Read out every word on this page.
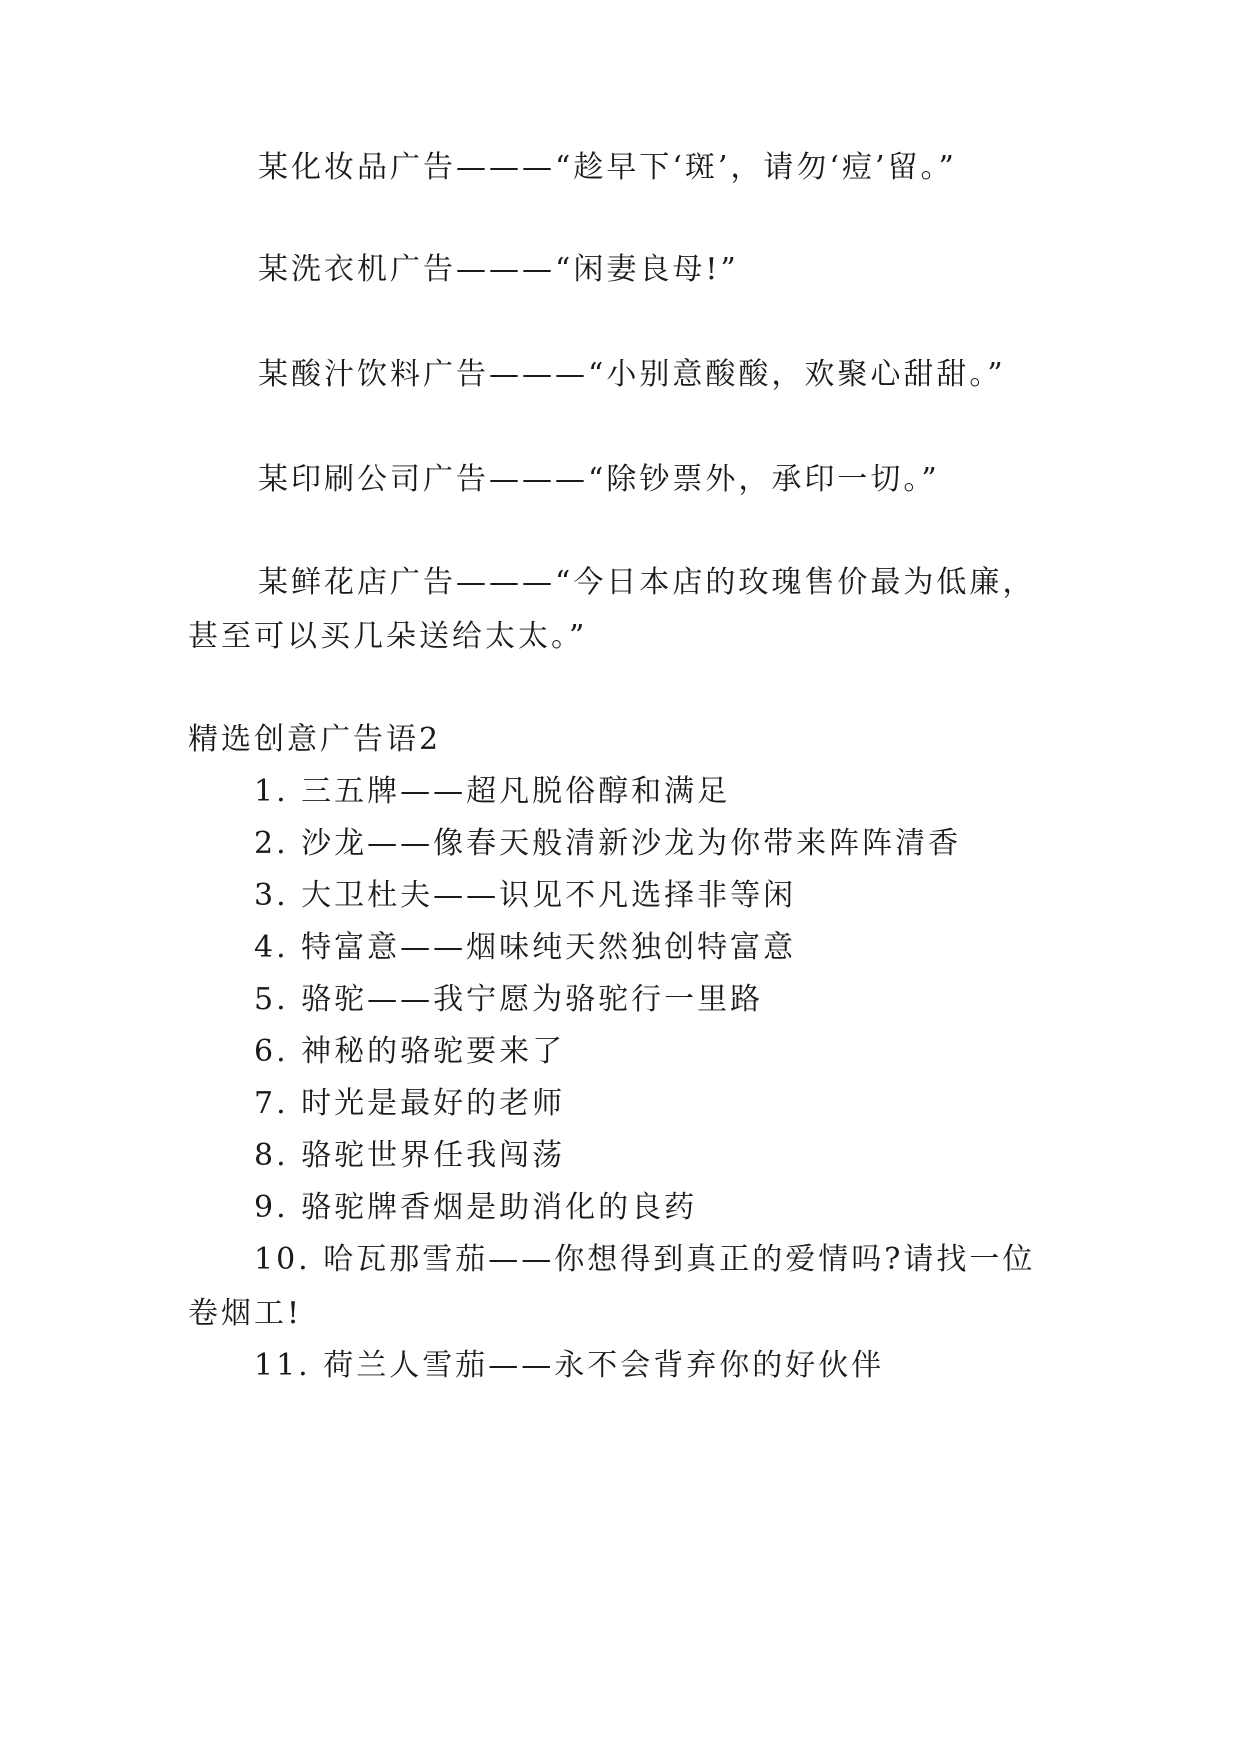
某化妆品广告———“趁早下‘斑’，请勿‘痘’留。”
某洗衣机广告———“闲妻良母!”
某酸汁饮料广告———“小别意酸酸，欢聚心甜甜。”
某印刷公司广告———“除钞票外，承印一切。”
某鲜花店广告———“今日本店的玫瑰售价最为低廉，
甚至可以买几朵送给太太。”
精选创意广告语2
1. 三五牌——超凡脱俗醇和满足
2. 沙龙——像春天般清新沙龙为你带来阵阵清香
3. 大卫杜夫——识见不凡选择非等闲
4. 特富意——烟味纯天然独创特富意
5. 骆驼——我宁愿为骆驼行一里路
6. 神秘的骆驼要来了
7. 时光是最好的老师
8. 骆驼世界任我闯荡
9. 骆驼牌香烟是助消化的良药
10. 哈瓦那雪茄——你想得到真正的爱情吗?请找一位
卷烟工!
11. 荷兰人雪茄——永不会背弃你的好伙伴
